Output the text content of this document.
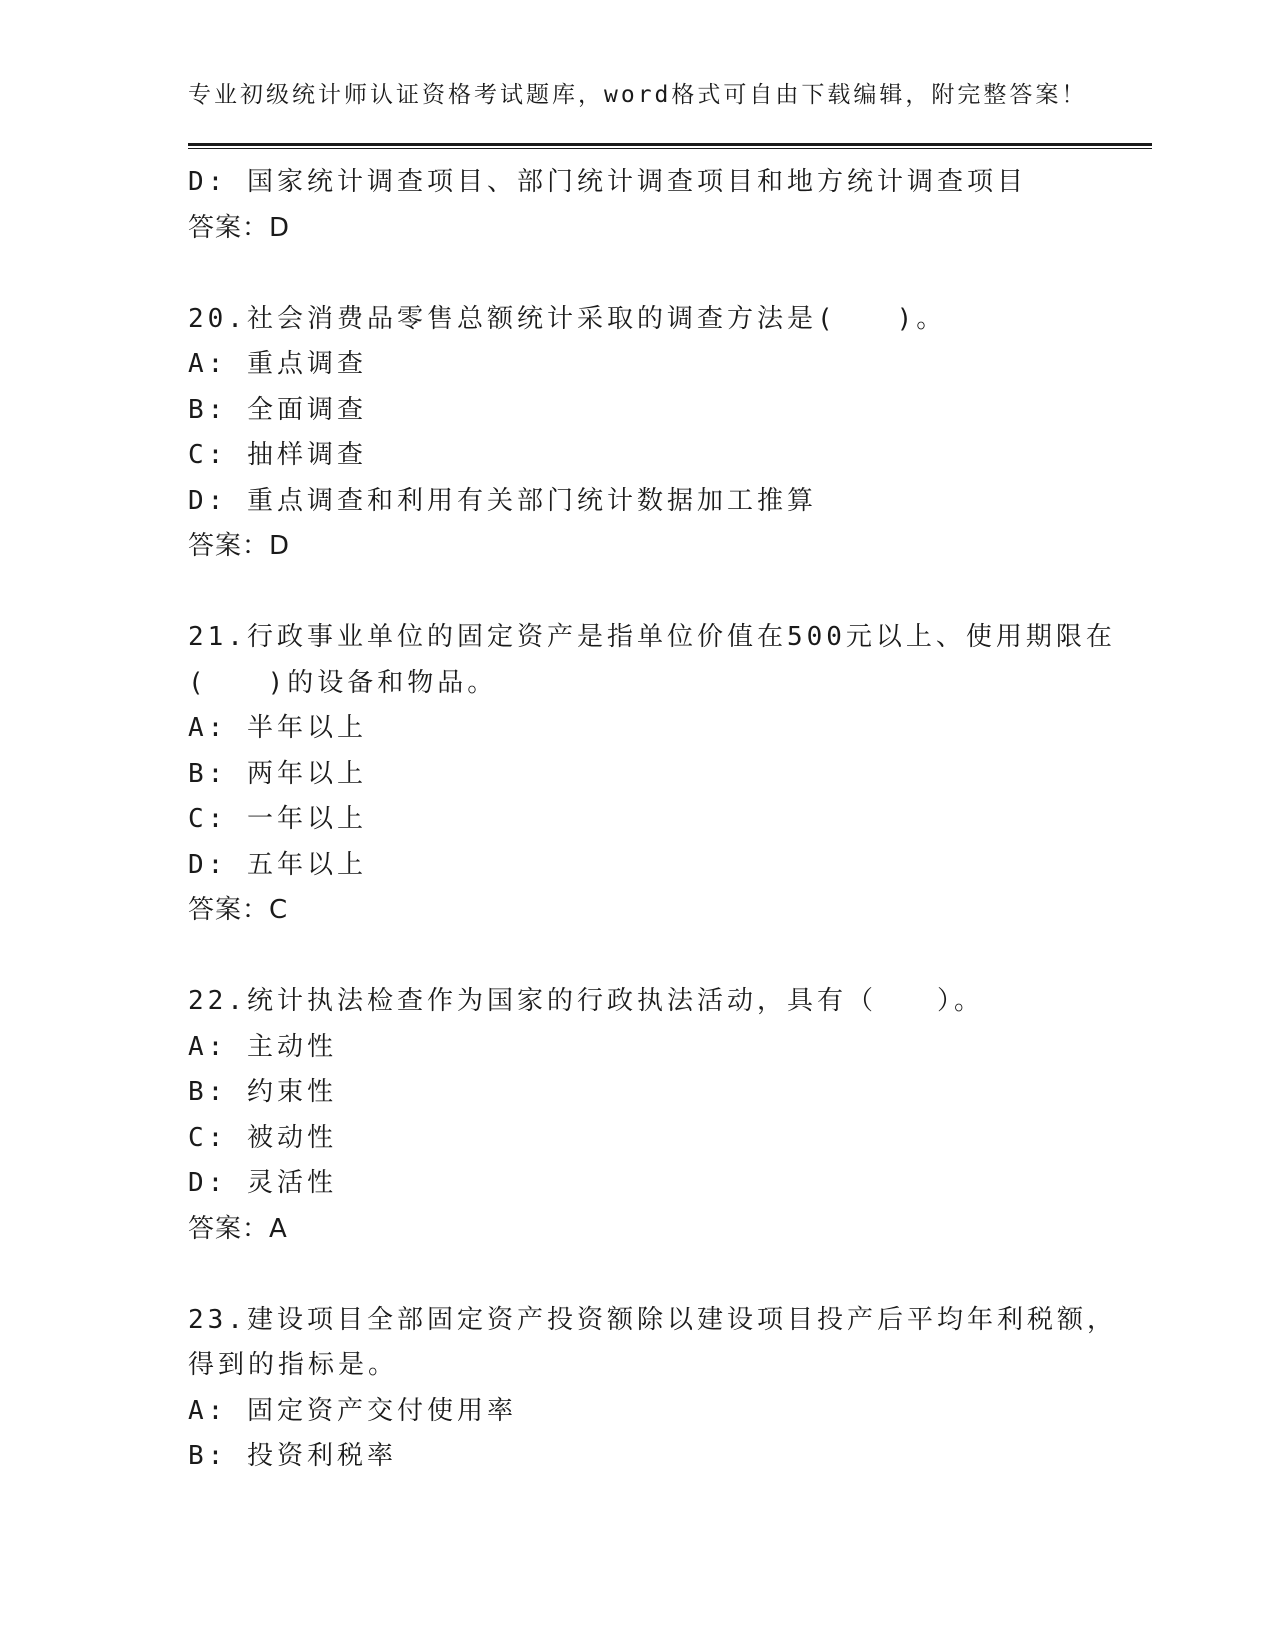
专业初级统计师认证资格考试题库，word格式可自由下载编辑，附完整答案！
D: 国家统计调查项目、部门统计调查项目和地方统计调查项目
答案：D
20.社会消费品零售总额统计采取的调查方法是(　　)。
A: 重点调查
B: 全面调查
C: 抽样调查
D: 重点调查和利用有关部门统计数据加工推算
答案：D
21.行政事业单位的固定资产是指单位价值在500元以上、使用期限在
(　　)的设备和物品。
A: 半年以上
B: 两年以上
C: 一年以上
D: 五年以上
答案：C
22.统计执法检查作为国家的行政执法活动，具有（　　）。
A: 主动性
B: 约束性
C: 被动性
D: 灵活性
答案：A
23.建设项目全部固定资产投资额除以建设项目投产后平均年利税额，
得到的指标是。
A: 固定资产交付使用率
B: 投资利税率
